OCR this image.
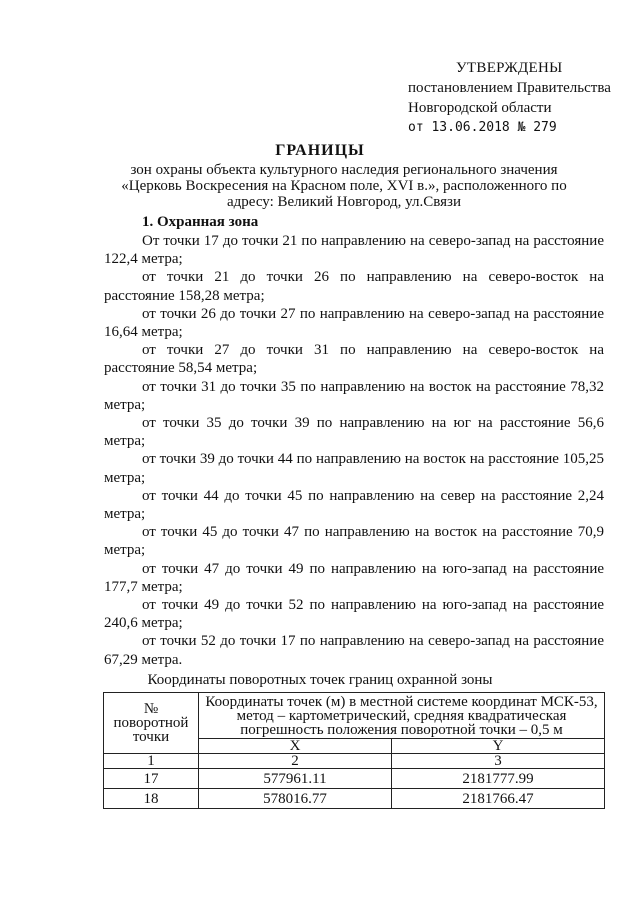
УТВЕРЖДЕНЫ
постановлением Правительства
Новгородской области
от 13.06.2018 № 279
ГРАНИЦЫ
зон охраны объекта культурного наследия регионального значения «Церковь Воскресения на Красном поле, XVI в.», расположенного по адресу: Великий Новгород, ул.Связи
1. Охранная зона

От точки 17 до точки 21 по направлению на северо-запад на расстояние 122,4 метра;

от точки 21 до точки 26 по направлению на северо-восток на расстояние 158,28 метра;

от точки 26 до точки 27 по направлению на северо-запад на расстояние 16,64 метра;

от точки 27 до точки 31 по направлению на северо-восток на расстояние 58,54 метра;

от точки 31 до точки 35 по направлению на восток на расстояние 78,32 метра;

от точки 35 до точки 39 по направлению на юг на расстояние 56,6 метра;

от точки 39 до точки 44 по направлению на восток на расстояние 105,25 метра;

от точки 44 до точки 45 по направлению на север на расстояние 2,24 метра;

от точки 45 до точки 47 по направлению на восток на расстояние 70,9 метра;

от точки 47 до точки 49 по направлению на юго-запад на расстояние 177,7 метра;

от точки 49 до точки 52 по направлению на юго-запад на расстояние 240,6 метра;

от точки 52 до точки 17 по направлению на северо-запад на расстояние 67,29 метра.

Координаты поворотных точек границ охранной зоны
№ поворотной точки	Координаты точек (м) в местной системе координат МСК-53, метод – картометрический, средняя квадратическая погрешность положения поворотной точки – 0,5 м	
	X	Y
1	2	3
17	577961.11	2181777.99
18	578016.77	2181766.47
